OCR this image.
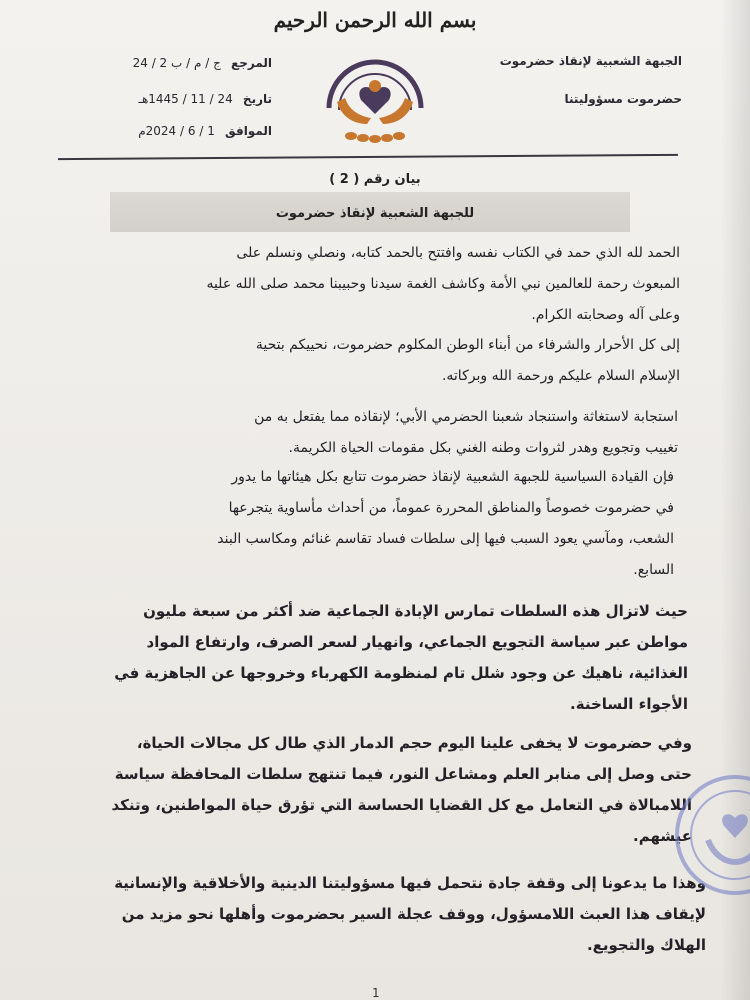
بسم الله الرحمن الرحيم
الجبهة الشعبية لإنقاذ حضرموت
حضرموت مسؤوليتنا
المرجع ج / م / ب 2 / 24
تاريخ 24 / 11 / 1445هـ
الموافق 1 / 6 / 2024م
بيان رقم ( 2 )
للجبهة الشعبية لإنقاذ حضرموت
الحمد لله الذي حمد في الكتاب نفسه وافتتح بالحمد كتابه، ونصلي ونسلم على
المبعوث رحمة للعالمين نبي الأمة وكاشف الغمة سيدنا وحبيبنا محمد صلى الله عليه
وعلى آله وصحابته الكرام.
إلى كل الأحرار والشرفاء من أبناء الوطن المكلوم حضرموت، نحييكم بتحية
الإسلام السلام عليكم ورحمة الله وبركاته.
استجابة لاستغاثة واستنجاد شعبنا الحضرمي الأبي؛ لإنقاذه مما يفتعل به من
تغييب وتجويع وهدر لثروات وطنه الغني بكل مقومات الحياة الكريمة.
فإن القيادة السياسية للجبهة الشعبية لإنقاذ حضرموت تتابع بكل هيئاتها ما يدور
في حضرموت خصوصاً والمناطق المحررة عموماً، من أحداث مأساوية يتجرعها
الشعب، ومآسي يعود السبب فيها إلى سلطات فساد تقاسم غنائم ومكاسب البند
السابع.
حيث لاتزال هذه السلطات تمارس الإبادة الجماعية ضد أكثر من سبعة مليون
مواطن عبر سياسة التجويع الجماعي، وانهيار لسعر الصرف، وارتفاع المواد
الغذائية، ناهيك عن وجود شلل تام لمنظومة الكهرباء وخروجها عن الجاهزية في
الأجواء الساخنة.
وفي حضرموت لا يخفى علينا اليوم حجم الدمار الذي طال كل مجالات الحياة،
حتى وصل إلى منابر العلم ومشاعل النور، فيما تنتهج سلطات المحافظة سياسة
اللامبالاة في التعامل مع كل القضايا الحساسة التي تؤرق حياة المواطنين، وتنكد
عيشهم.
وهذا ما يدعونا إلى وقفة جادة نتحمل فيها مسؤوليتنا الدينية والأخلاقية والإنسانية
لإيقاف هذا العبث اللامسؤول، ووقف عجلة السير بحضرموت وأهلها نحو مزيد من
الهلاك والتجويع.
1
